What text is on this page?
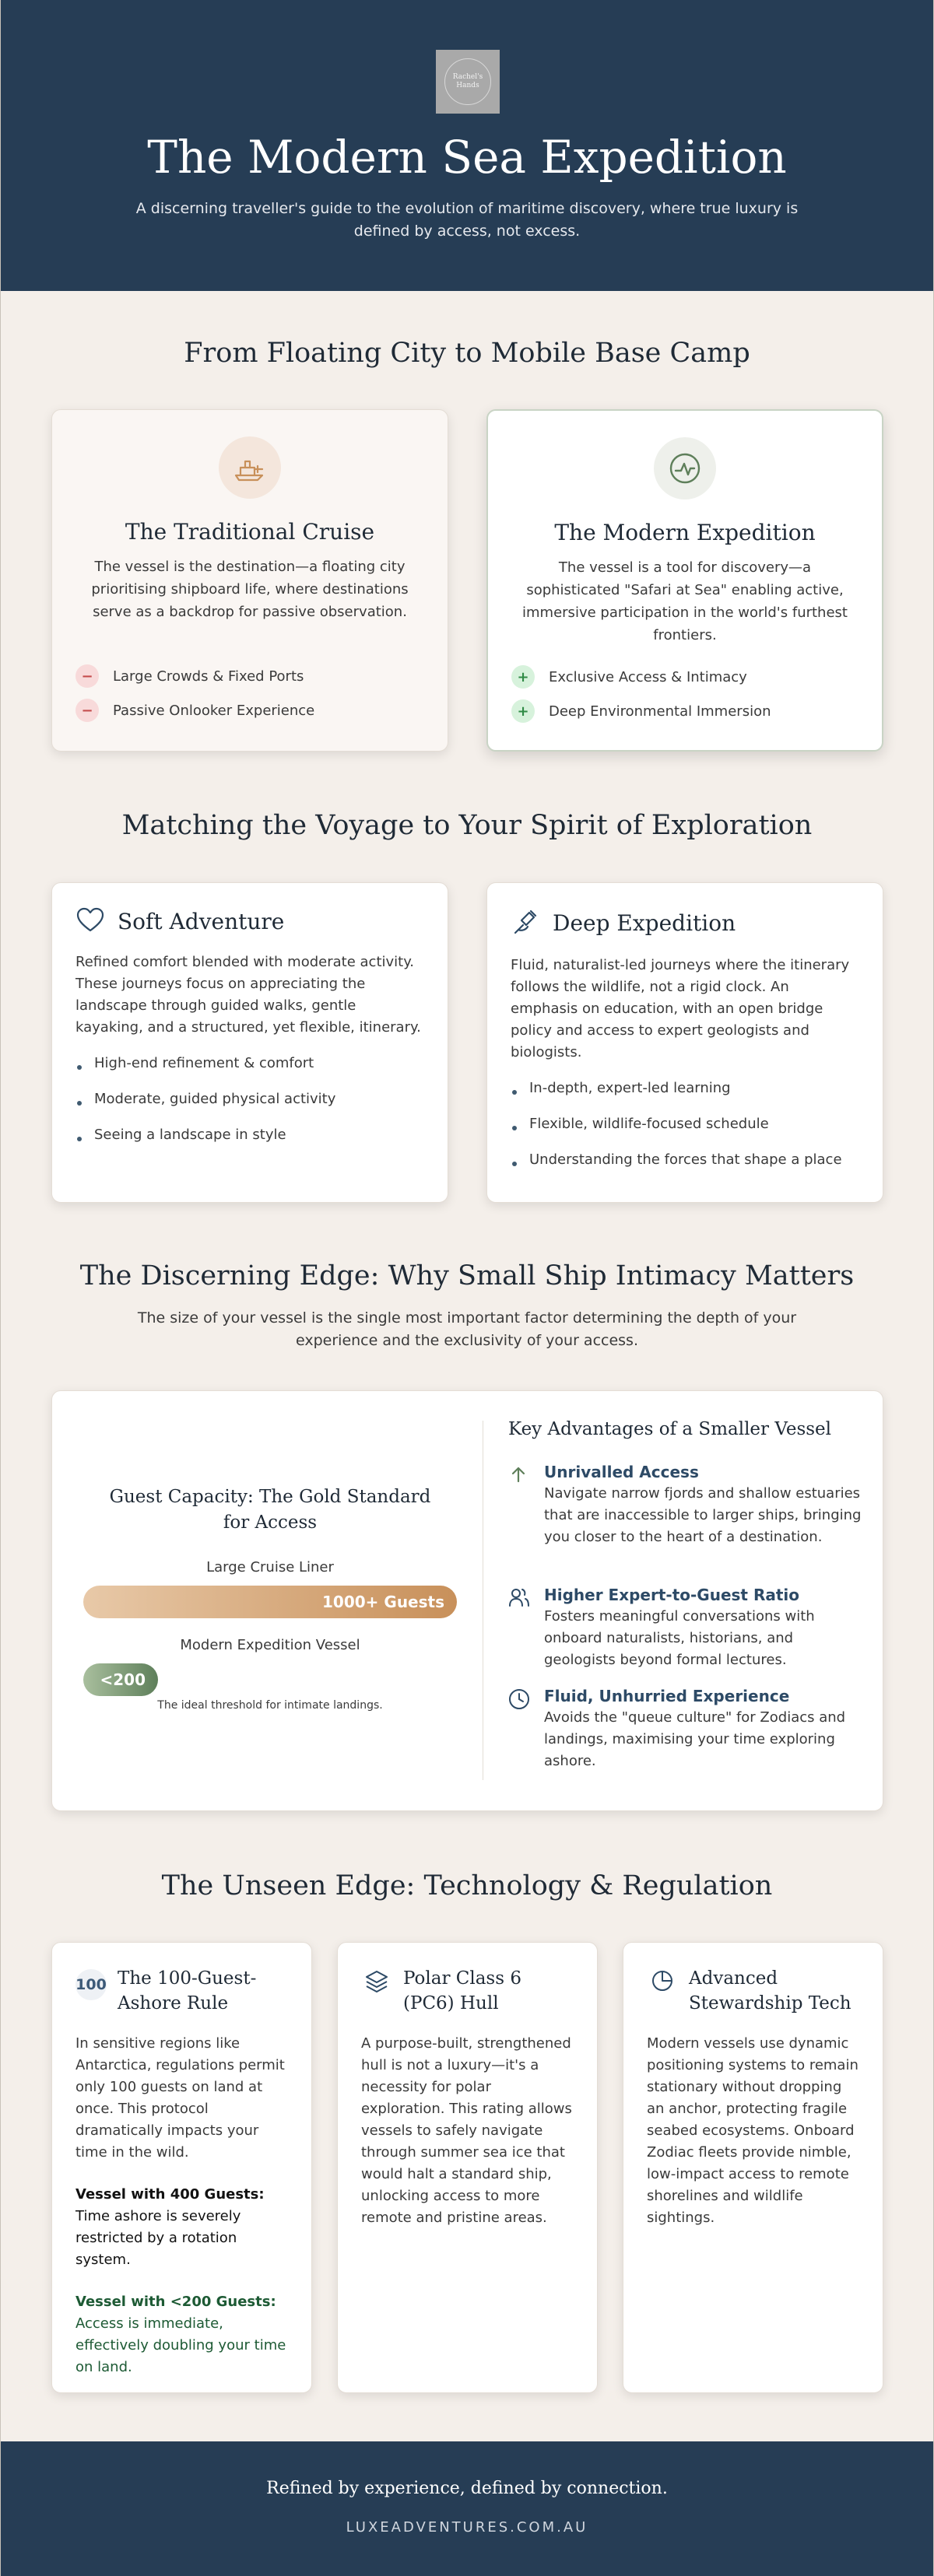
Rachel's
Hands
The Modern Sea Expedition

A discerning traveller's guide to the evolution of maritime discovery, where true luxury is defined by access, not excess.

From Floating City to Mobile Base Camp
The Traditional Cruise

The vessel is the destination—a floating city prioritising shipboard life, where destinations serve as a backdrop for passive observation.

−	Large Crowds & Fixed Ports
−	Passive Onlooker Experience
The Modern Expedition

The vessel is a tool for discovery—a sophisticated "Safari at Sea" enabling active, immersive participation in the world's furthest frontiers.

+	Exclusive Access & Intimacy
+	Deep Environmental Immersion
Matching the Voyage to Your Spirit of Exploration
Soft Adventure

Refined comfort blended with moderate activity. These journeys focus on appreciating the landscape through guided walks, gentle kayaking, and a structured, yet flexible, itinerary.

High-end refinement & comfort
Moderate, guided physical activity
Seeing a landscape in style
Deep Expedition

Fluid, naturalist-led journeys where the itinerary follows the wildlife, not a rigid clock. An emphasis on education, with an open bridge policy and access to expert geologists and biologists.

In-depth, expert-led learning
Flexible, wildlife-focused schedule
Understanding the forces that shape a place
The Discerning Edge: Why Small Ship Intimacy Matters

The size of your vessel is the single most important factor determining the depth of your experience and the exclusivity of your access.

Guest Capacity: The Gold Standard for Access
Large Cruise Liner
1000+ Guests
Modern Expedition Vessel
<200
The ideal threshold for intimate landings.
Key Advantages of a Smaller Vessel
Unrivalled Access

Navigate narrow fjords and shallow estuaries that are inaccessible to larger ships, bringing you closer to the heart of a destination.

Higher Expert-to-Guest Ratio

Fosters meaningful conversations with onboard naturalists, historians, and geologists beyond formal lectures.

Fluid, Unhurried Experience

Avoids the "queue culture" for Zodiacs and landings, maximising your time exploring ashore.

The Unseen Edge: Technology & Regulation
100 The 100-Guest-Ashore Rule

In sensitive regions like Antarctica, regulations permit only 100 guests on land at once. This protocol dramatically impacts your time in the wild.

Vessel with 400 Guests:
Time ashore is severely restricted by a rotation system.

Vessel with <200 Guests:
Access is immediate, effectively doubling your time on land.

Polar Class 6 (PC6) Hull

A purpose-built, strengthened hull is not a luxury—it's a necessity for polar exploration. This rating allows vessels to safely navigate through summer sea ice that would halt a standard ship, unlocking access to more remote and pristine areas.

Advanced Stewardship Tech

Modern vessels use dynamic positioning systems to remain stationary without dropping an anchor, protecting fragile seabed ecosystems. Onboard Zodiac fleets provide nimble, low-impact access to remote shorelines and wildlife sightings.

Refined by experience, defined by connection.
LUXEADVENTURES.COM.AU
